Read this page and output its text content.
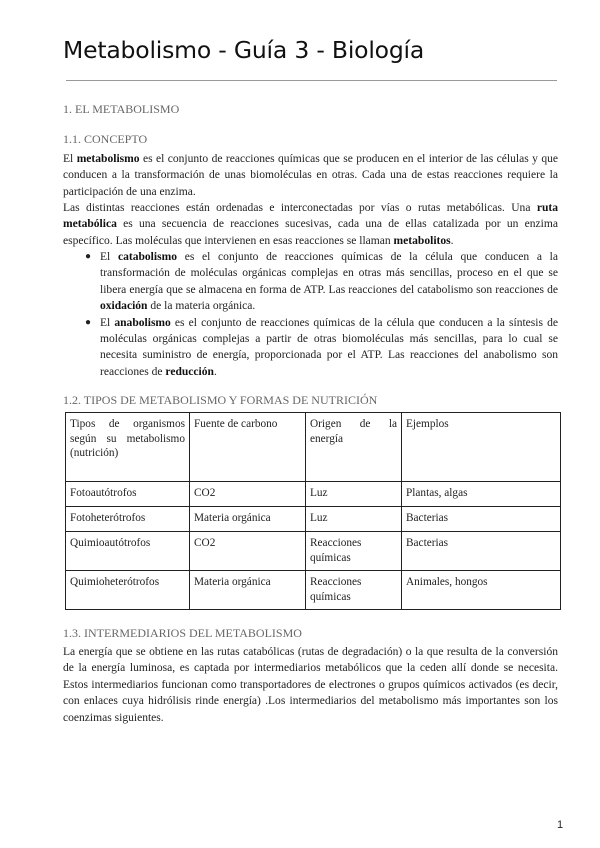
Metabolismo - Guía 3 - Biología
1. EL METABOLISMO
1.1. CONCEPTO

El metabolismo es el conjunto de reacciones químicas que se producen en el interior de las células y que conducen a la transformación de unas biomoléculas en otras. Cada una de estas reacciones requiere la participación de una enzima.

Las distintas reacciones están ordenadas e interconectadas por vías o rutas metabólicas. Una ruta metabólica es una secuencia de reacciones sucesivas, cada una de ellas catalizada por un enzima específico. Las moléculas que intervienen en esas reacciones se llaman metabolitos.

● El catabolismo es el conjunto de reacciones químicas de la célula que conducen a la transformación de moléculas orgánicas complejas en otras más sencillas, proceso en el que se libera energía que se almacena en forma de ATP. Las reacciones del catabolismo son reacciones de oxidación de la materia orgánica.
● El anabolismo es el conjunto de reacciones químicas de la célula que conducen a la síntesis de moléculas orgánicas complejas a partir de otras biomoléculas más sencillas, para lo cual se necesita suministro de energía, proporcionada por el ATP. Las reacciones del anabolismo son reacciones de reducción.
1.2. TIPOS DE METABOLISMO Y FORMAS DE NUTRICIÓN
Tipos de organismos según su metabolismo (nutrición)	Fuente de carbono	Origen de la energía	Ejemplos
Fotoautótrofos	CO2	Luz	Plantas, algas
Fotoheterótrofos	Materia orgánica	Luz	Bacterias
Quimioautótrofos	CO2	Reacciones químicas	Bacterias
Quimioheterótrofos	Materia orgánica	Reacciones químicas	Animales, hongos
1.3. INTERMEDIARIOS DEL METABOLISMO

La energía que se obtiene en las rutas catabólicas (rutas de degradación) o la que resulta de la conversión de la energía luminosa, es captada por intermediarios metabólicos que la ceden allí donde se necesita. Estos intermediarios funcionan como transportadores de electrones o grupos químicos activados (es decir, con enlaces cuya hidrólisis rinde energía) .Los intermediarios del metabolismo más importantes son los coenzimas siguientes.

1
